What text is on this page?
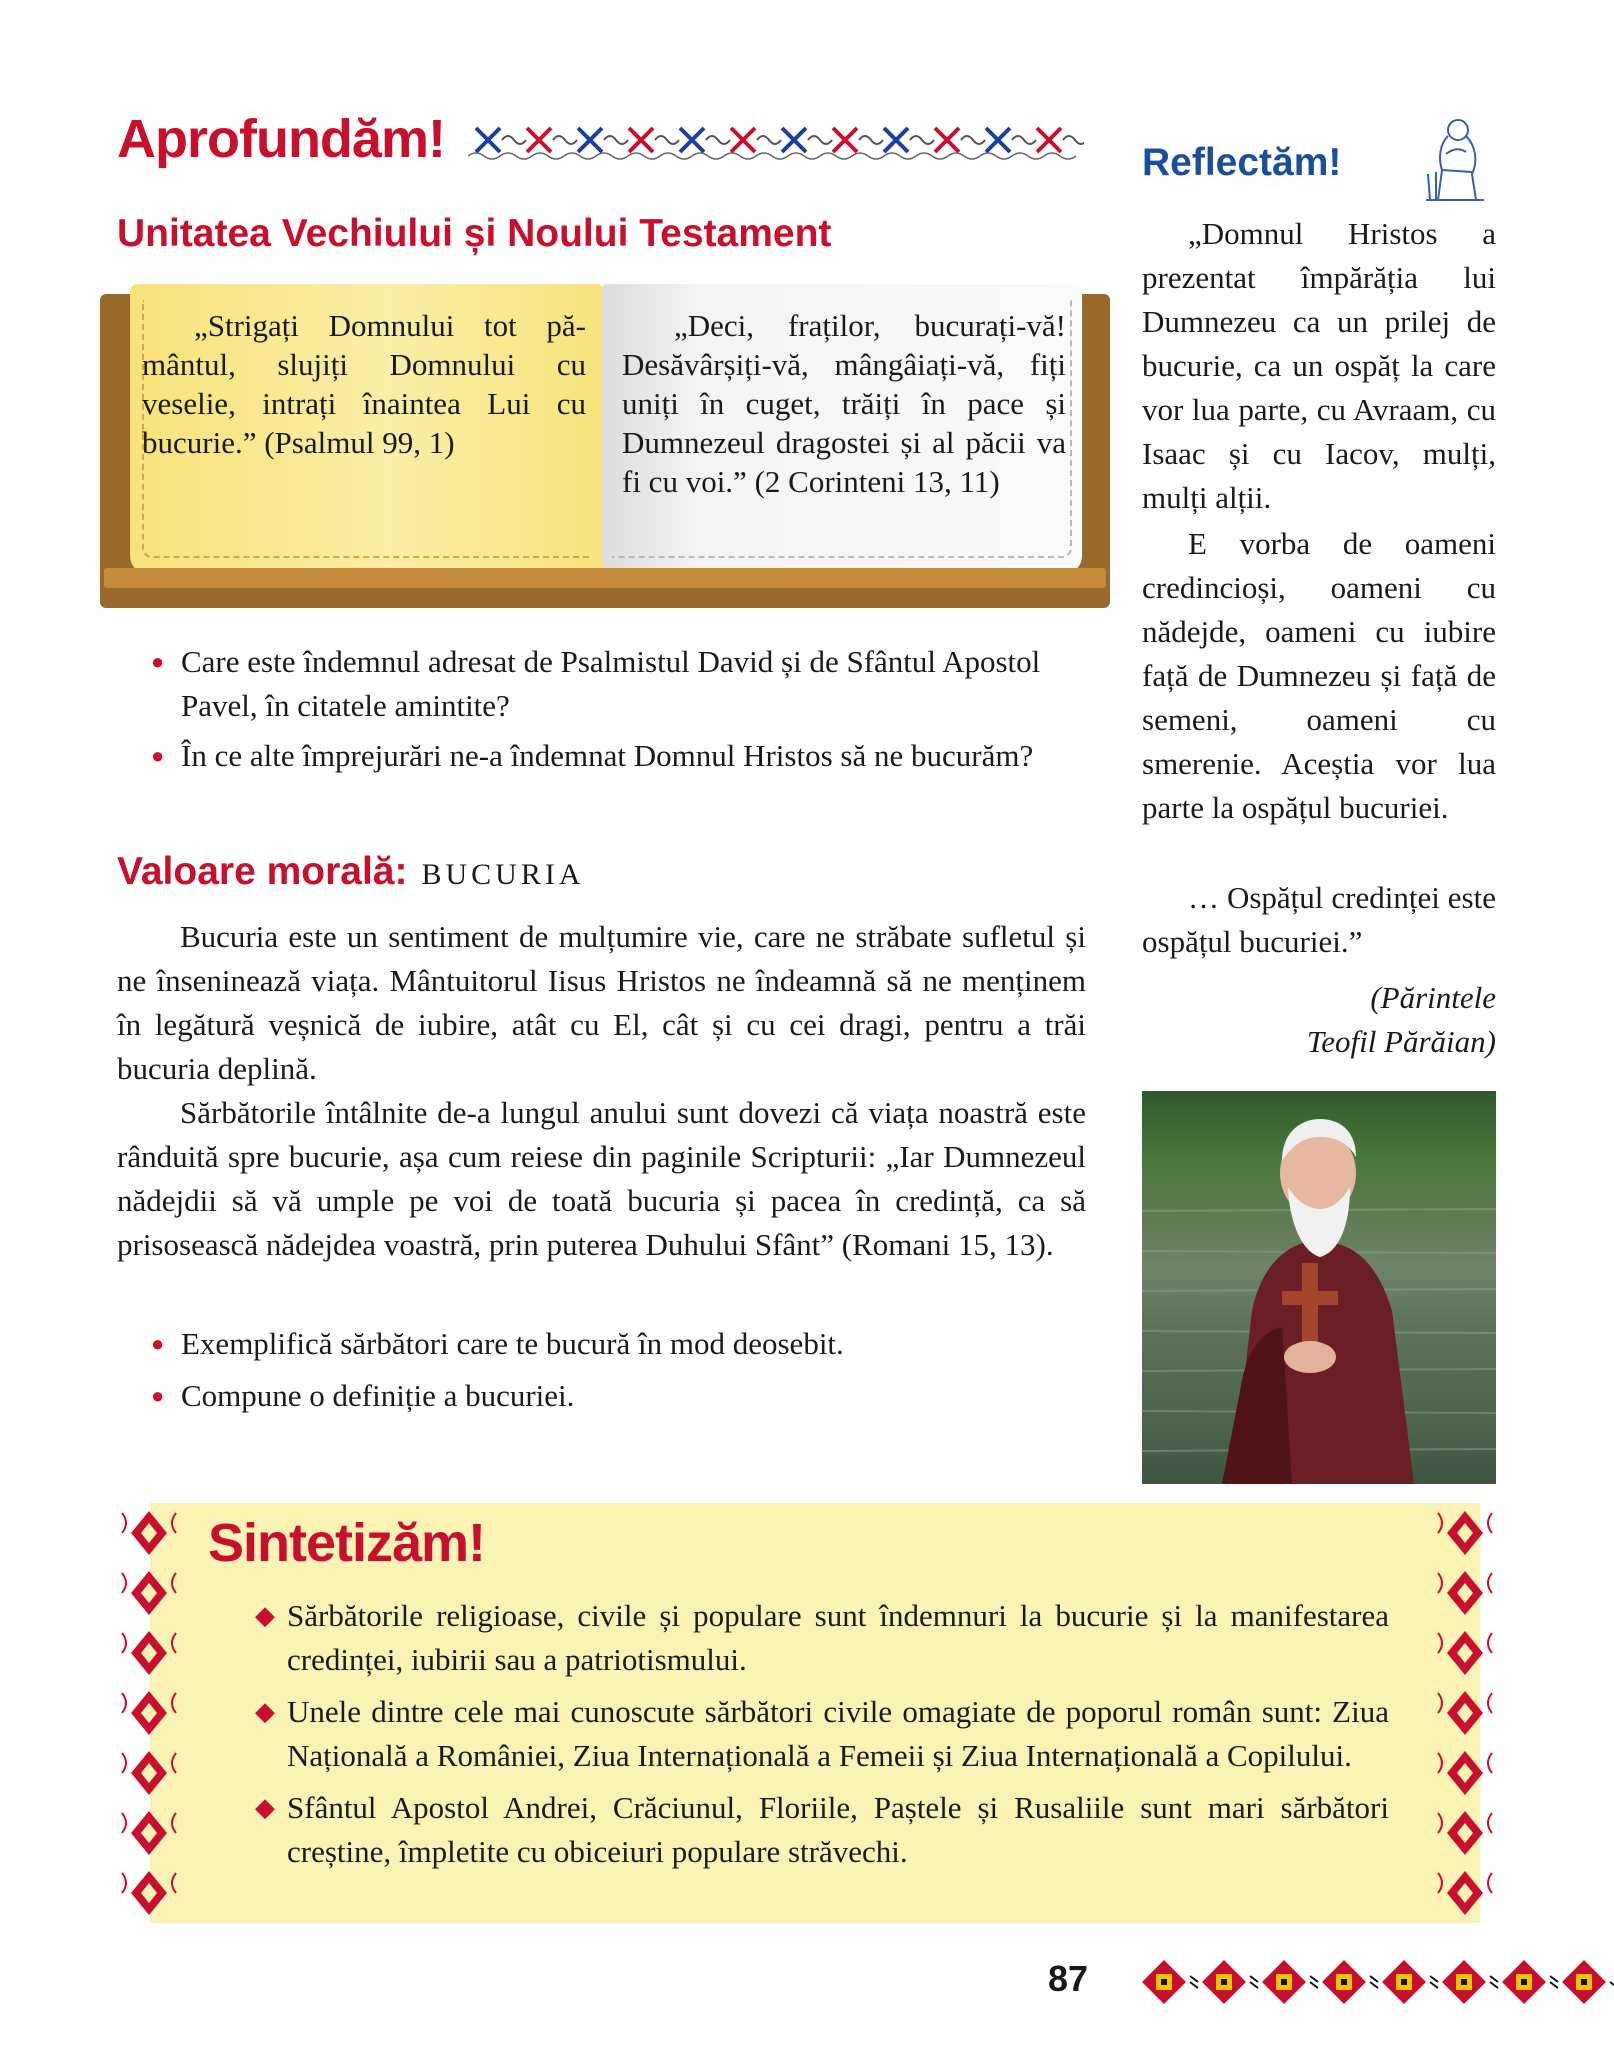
Aprofundăm!
Unitatea Vechiului și Noului Testament

„Strigați Domnului tot pământul, slujiți Domnului cu veselie, intrați înaintea Lui cu bucurie.” (Psalmul 99, 1)

„Deci, fraților, bucurați-vă! Desăvârșiți-vă, mângâiați-vă, fiți uniți în cuget, trăiți în pace și Dumnezeul dragostei și al păcii va fi cu voi.” (2 Corinteni 13, 11)

● Care este îndemnul adresat de Psalmistul David și de Sfântul Apostol Pavel, în citatele amintite?
● În ce alte împrejurări ne-a îndemnat Domnul Hristos să ne bucurăm?
Valoare morală: BUCURIA

Bucuria este un sentiment de mulțumire vie, care ne străbate sufletul și ne înseninează viața. Mântuitorul Iisus Hristos ne îndeamnă să ne menținem în legătură veșnică de iubire, atât cu El, cât și cu cei dragi, pentru a trăi bucuria deplină.

Sărbătorile întâlnite de-a lungul anului sunt dovezi că viața noastră este rânduită spre bucurie, așa cum reiese din paginile Scripturii: „Iar Dumnezeul nădejdii să vă umple pe voi de toată bucuria și pacea în credință, ca să prisosească nădejdea voastră, prin puterea Duhului Sfânt” (Romani 15, 13).

● Exemplifică sărbători care te bucură în mod deosebit.
● Compune o definiție a bucuriei.
Reflectăm!

„Domnul Hristos a prezentat împărăția lui Dumnezeu ca un prilej de bucurie, ca un ospăț la care vor lua parte, cu Avraam, cu Isaac și cu Iacov, mulți, mulți alții.

E vorba de oameni credincioși, oameni cu nădejde, oameni cu iubire față de Dumnezeu și față de semeni, oameni cu smerenie. Aceștia vor lua parte la ospățul bucuriei.

… Ospățul credinței este ospățul bucuriei.”

(Părintele
Teofil Părăian)
Sintetizăm!
◆ Sărbătorile religioase, civile și populare sunt îndemnuri la bucurie și la manifestarea credinței, iubirii sau a patriotismului.

◆ Unele dintre cele mai cunoscute sărbători civile omagiate de poporul român sunt: Ziua Națională a României, Ziua Internațională a Femeii și Ziua Internațională a Copilului.

◆ Sfântul Apostol Andrei, Crăciunul, Floriile, Paștele și Rusaliile sunt mari sărbători creștine, împletite cu obiceiuri populare străvechi.

87
